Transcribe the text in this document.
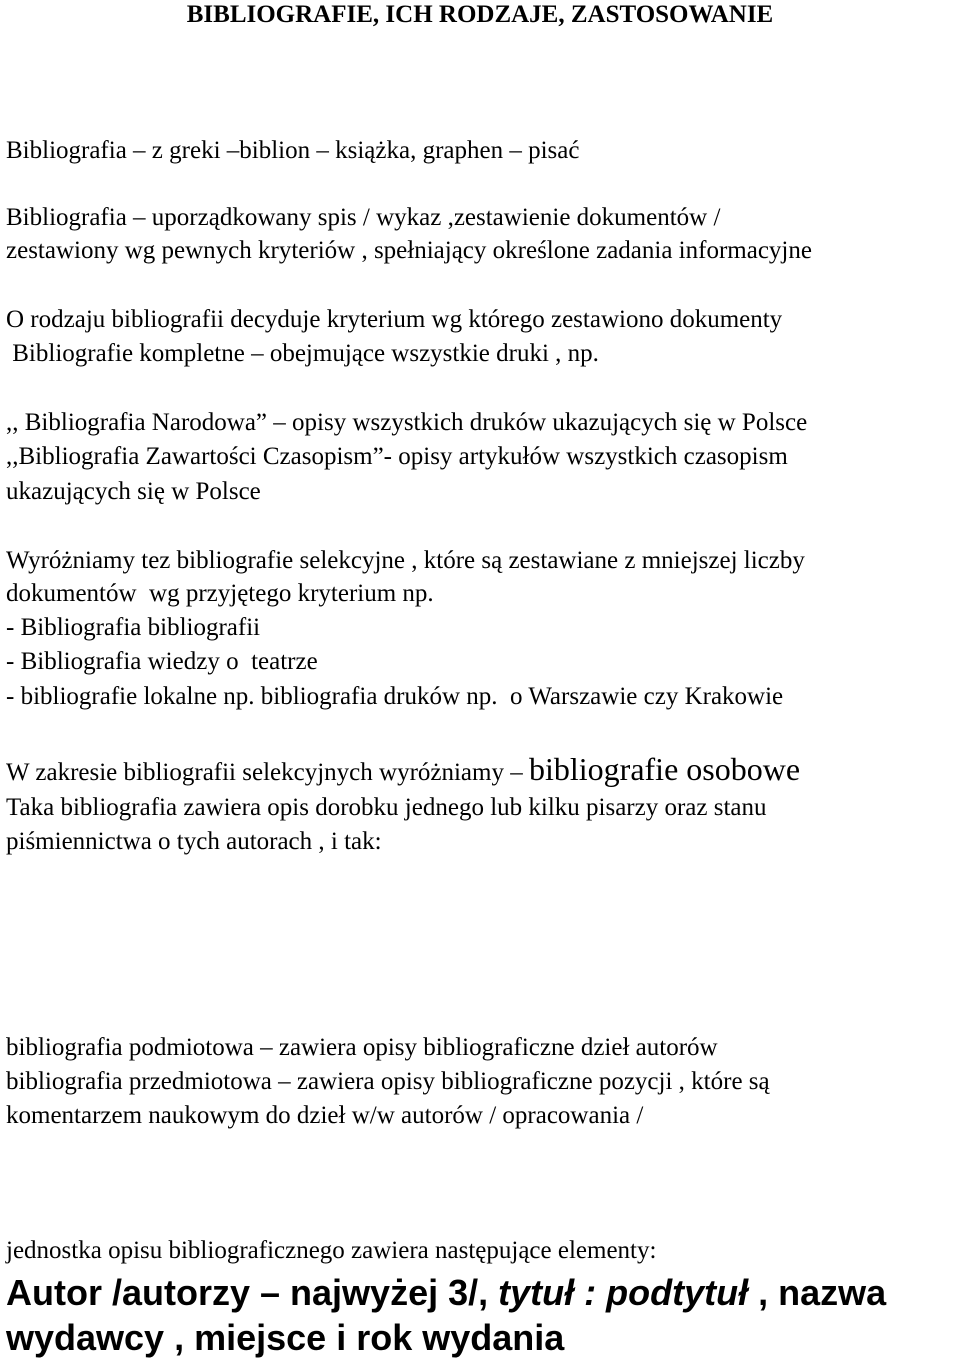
BIBLIOGRAFIE, ICH RODZAJE, ZASTOSOWANIE

Bibliografia – z greki –biblion – książka, graphen – pisać

Bibliografia – uporządkowany spis / wykaz ,zestawienie dokumentów /

zestawiony wg pewnych kryteriów , spełniający określone zadania informacyjne

O rodzaju bibliografii decyduje kryterium wg którego zestawiono dokumenty

Bibliografie kompletne – obejmujące wszystkie druki , np.

,, Bibliografia Narodowa” – opisy wszystkich druków ukazujących się w Polsce

,,Bibliografia Zawartości Czasopism”- opisy artykułów wszystkich czasopism

ukazujących się w Polsce

Wyróżniamy tez bibliografie selekcyjne , które są zestawiane z mniejszej liczby

dokumentów  wg przyjętego kryterium np.

- Bibliografia bibliografii

- Bibliografia wiedzy o  teatrze

- bibliografie lokalne np. bibliografia druków np.  o Warszawie czy Krakowie

W zakresie bibliografii selekcyjnych wyróżniamy – bibliografie osobowe

Taka bibliografia zawiera opis dorobku jednego lub kilku pisarzy oraz stanu

piśmiennictwa o tych autorach , i tak:

bibliografia podmiotowa – zawiera opisy bibliograficzne dzieł autorów

bibliografia przedmiotowa – zawiera opisy bibliograficzne pozycji , które są

komentarzem naukowym do dzieł w/w autorów / opracowania /

jednostka opisu bibliograficznego zawiera następujące elementy:

Autor /autorzy – najwyżej 3/, tytuł : podtytuł , nazwa

wydawcy , miejsce i rok wydania
